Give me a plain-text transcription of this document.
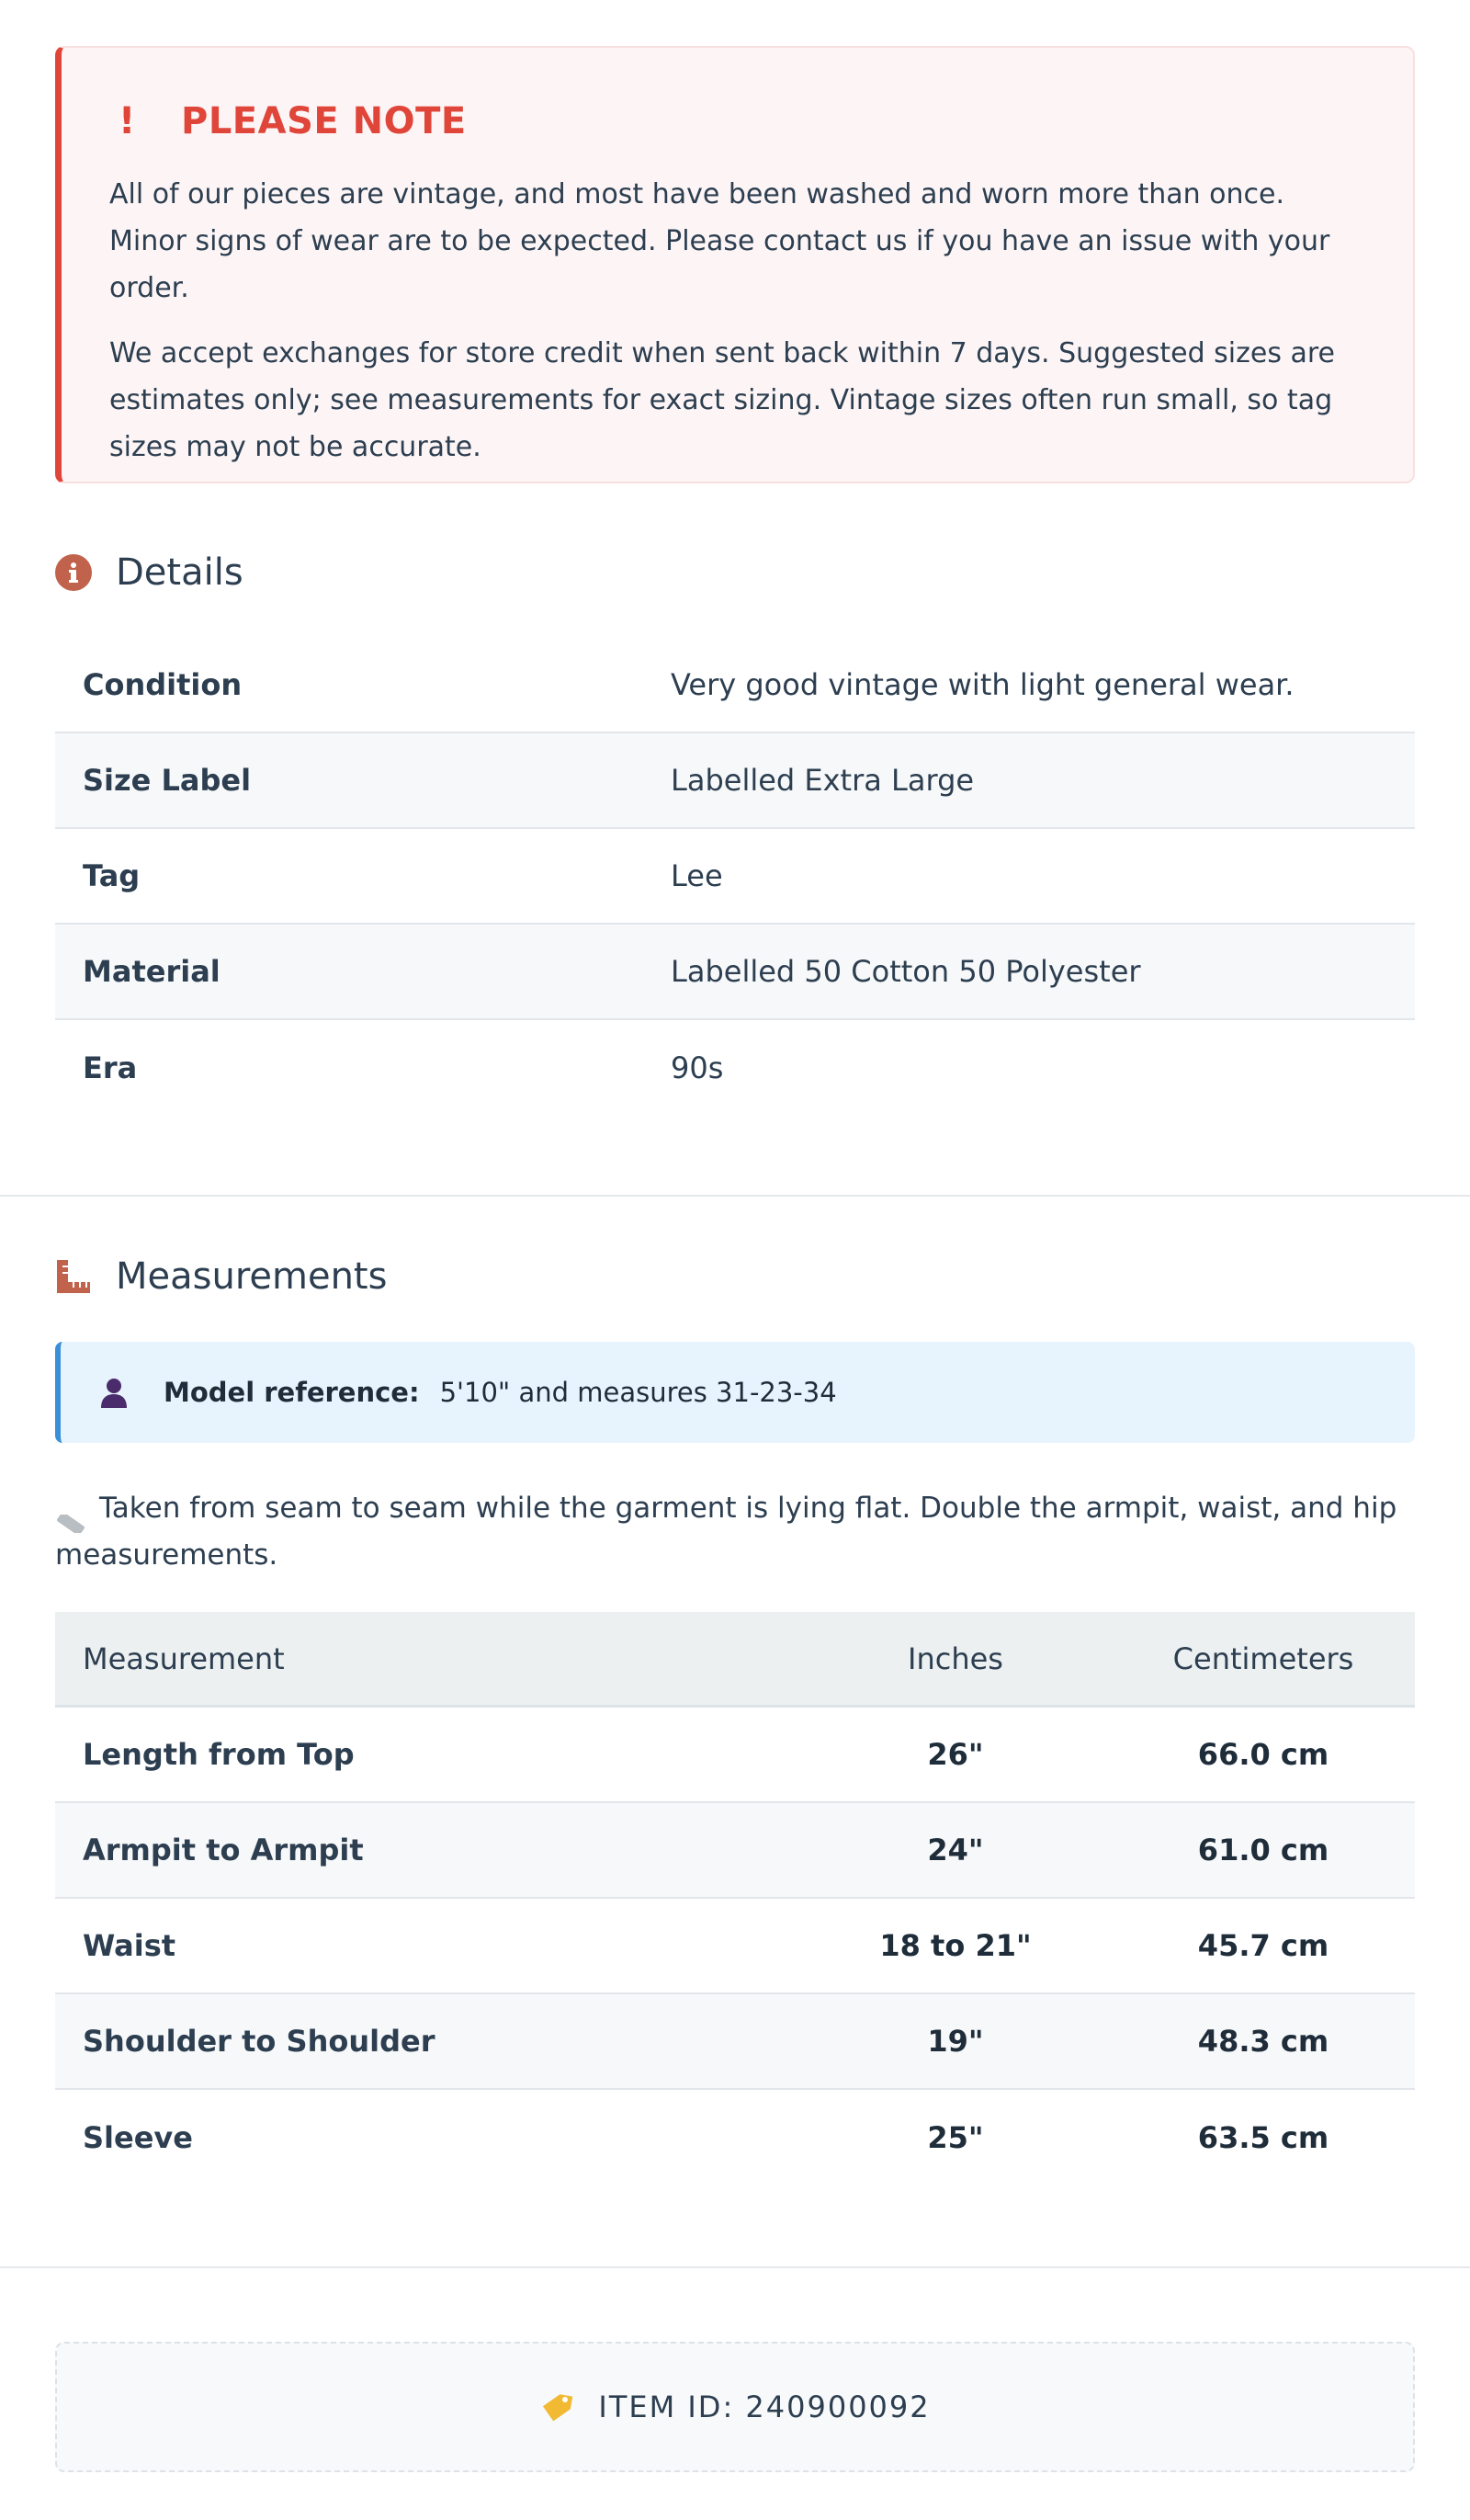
!	PLEASE NOTE

All of our pieces are vintage, and most have been washed and worn more than once. Minor signs of wear are to be expected. Please contact us if you have an issue with your order.

We accept exchanges for store credit when sent back within 7 days. Suggested sizes are estimates only; see measurements for exact sizing. Vintage sizes often run small, so tag sizes may not be accurate.

Details
Condition	Very good vintage with light general wear.
Size Label	Labelled Extra Large
Tag	Lee
Material	Labelled 50 Cotton 50 Polyester
Era	90s
Measurements
Model reference: 5'10" and measures 31-23-34
Taken from seam to seam while the garment is lying flat. Double the armpit, waist, and hip measurements.
Measurement	Inches	Centimeters
Length from Top	26"	66.0 cm
Armpit to Armpit	24"	61.0 cm
Waist	18 to 21"	45.7 cm
Shoulder to Shoulder	19"	48.3 cm
Sleeve	25"	63.5 cm
ITEM ID: 240900092
